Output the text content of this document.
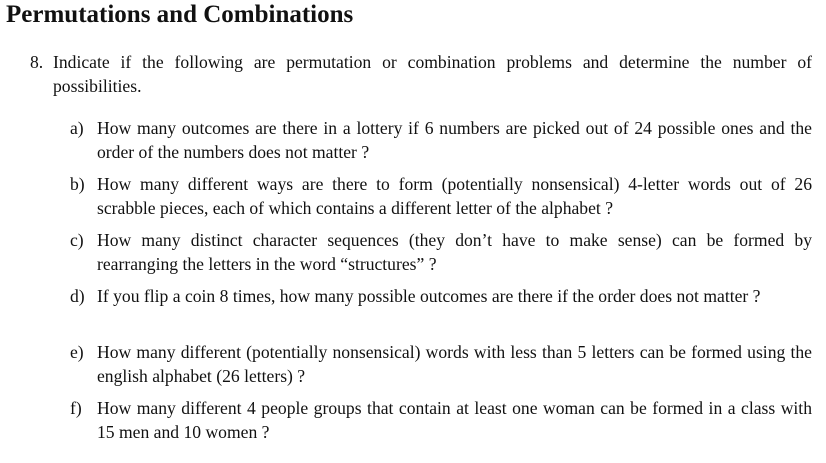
Permutations and Combinations
8. Indicate if the following are permutation or combination problems and determine the number of possibilities.
a) How many outcomes are there in a lottery if 6 numbers are picked out of 24 possible ones and the order of the numbers does not matter ?
b) How many different ways are there to form (potentially nonsensical) 4-letter words out of 26 scrabble pieces, each of which contains a different letter of the alphabet ?
c) How many distinct character sequences (they don’t have to make sense) can be formed by rearranging the letters in the word “structures” ?
d) If you flip a coin 8 times, how many possible outcomes are there if the order does not matter ?
e) How many different (potentially nonsensical) words with less than 5 letters can be formed using the english alphabet (26 letters) ?
f) How many different 4 people groups that contain at least one woman can be formed in a class with 15 men and 10 women ?
